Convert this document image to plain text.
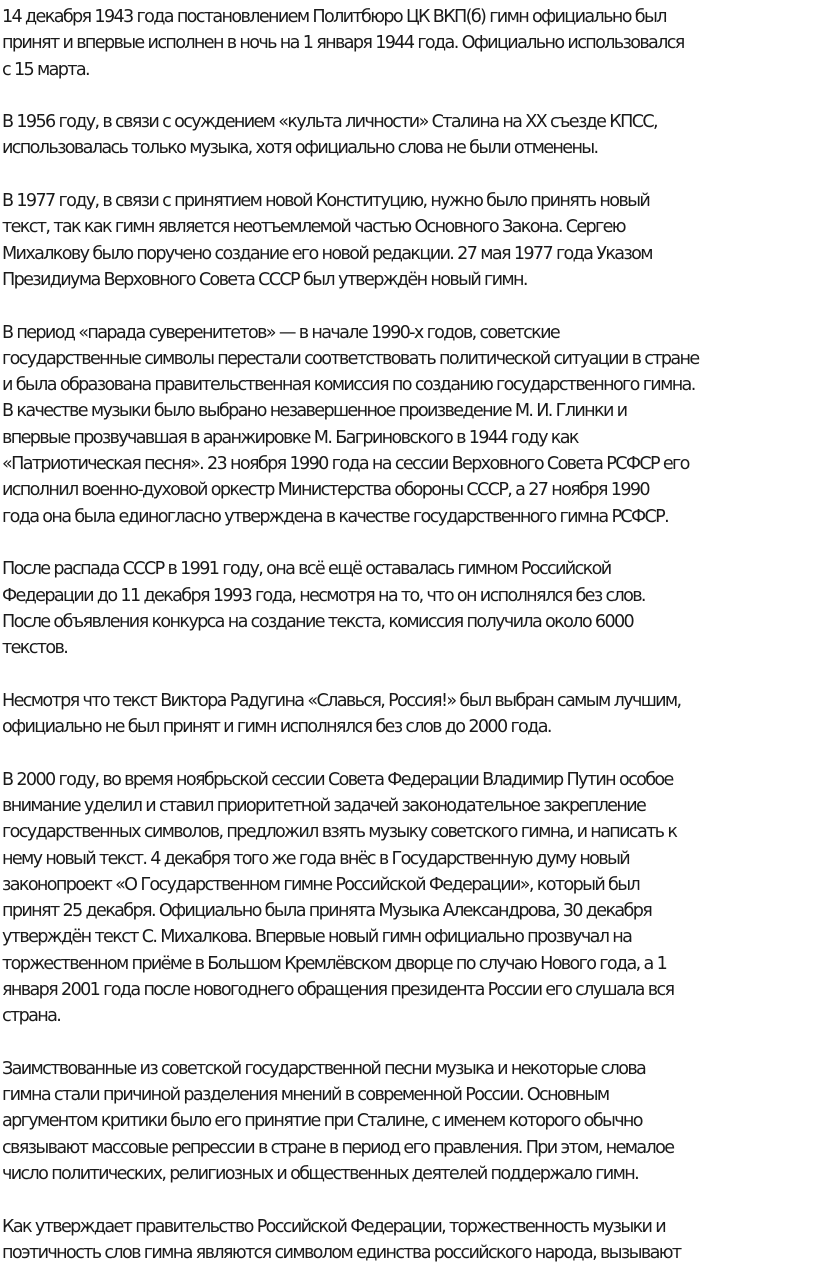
14 декабря 1943 года постановлением Политбюро ЦК ВКП(б) гимн официально был
принят и впервые исполнен в ночь на 1 января 1944 года. Официально использовался
с 15 марта.

В 1956 году, в связи с осуждением «культа личности» Сталина на XX съезде КПСС,
использовалась только музыка, хотя официально слова не были отменены.

В 1977 году, в связи с принятием новой Конституцию, нужно было принять новый
текст, так как гимн является неотъемлемой частью Основного Закона. Сергею
Михалкову было поручено создание его новой редакции. 27 мая 1977 года Указом
Президиума Верховного Совета СССР был утверждён новый гимн.

В период «парада суверенитетов» — в начале 1990-х годов, советские
государственные символы перестали соответствовать политической ситуации в стране
и была образована правительственная комиссия по созданию государственного гимна.
В качестве музыки было выбрано незавершенное произведение М. И. Глинки и
впервые прозвучавшая в аранжировке М. Багриновского в 1944 году как
«Патриотическая песня». 23 ноября 1990 года на сессии Верховного Совета РСФСР его
исполнил военно-духовой оркестр Министерства обороны СССР, а 27 ноября 1990
года она была единогласно утверждена в качестве государственного гимна РСФСР.

После распада СССР в 1991 году, она всё ещё оставалась гимном Российской
Федерации до 11 декабря 1993 года, несмотря на то, что он исполнялся без слов.
После объявления конкурса на создание текста, комиссия получила около 6000
текстов.

Несмотря что текст Виктора Радугина «Славься, Россия!» был выбран самым лучшим,
официально не был принят и гимн исполнялся без слов до 2000 года.

В 2000 году, во время ноябрьской сессии Совета Федерации Владимир Путин особое
внимание уделил и ставил приоритетной задачей законодательное закрепление
государственных символов, предложил взять музыку советского гимна, и написать к
нему новый текст. 4 декабря того же года внёс в Государственную думу новый
законопроект «О Государственном гимне Российской Федерации», который был
принят 25 декабря. Официально была принята Музыка Александрова, 30 декабря
утверждён текст С. Михалкова. Впервые новый гимн официально прозвучал на
торжественном приёме в Большом Кремлёвском дворце по случаю Нового года, а 1
января 2001 года после новогоднего обращения президента России его слушала вся
страна.

Заимствованные из советской государственной песни музыка и некоторые слова
гимна стали причиной разделения мнений в современной России. Основным
аргументом критики было его принятие при Сталине, с именем которого обычно
связывают массовые репрессии в стране в период его правления. При этом, немалое
число политических, религиозных и общественных деятелей поддержало гимн.

Как утверждает правительство Российской Федерации, торжественность музыки и
поэтичность слов гимна являются символом единства российского народа, вызывают
